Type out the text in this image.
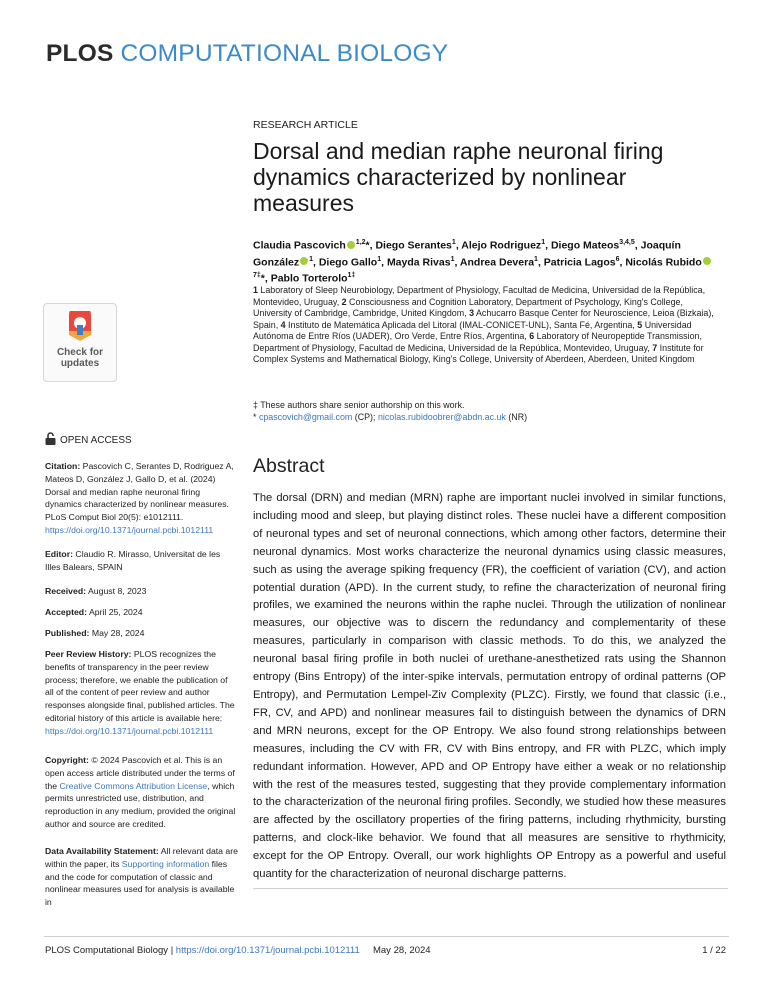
PLOS COMPUTATIONAL BIOLOGY
RESEARCH ARTICLE
Dorsal and median raphe neuronal firing dynamics characterized by nonlinear measures
Claudia Pascovich $^{1,2}$*, Diego Serantes$^1$, Alejo Rodriguez$^1$, Diego Mateos$^{3,4,5}$, Joaquín González $^1$, Diego Gallo$^1$, Mayda Rivas$^1$, Andrea Devera$^1$, Patricia Lagos$^6$, Nicolás Rubido$^{7\ddagger}$*, Pablo Torterolo$^{1\ddagger}$
1 Laboratory of Sleep Neurobiology, Department of Physiology, Facultad de Medicina, Universidad de la República, Montevideo, Uruguay, 2 Consciousness and Cognition Laboratory, Department of Psychology, King's College, University of Cambridge, Cambridge, United Kingdom, 3 Achucarro Basque Center for Neuroscience, Leioa (Bizkaia), Spain, 4 Instituto de Matemática Aplicada del Litoral (IMAL-CONICET-UNL), Santa Fé, Argentina, 5 Universidad Autónoma de Entre Ríos (UADER), Oro Verde, Entre Ríos, Argentina, 6 Laboratory of Neuropeptide Transmission, Department of Physiology, Facultad de Medicina, Universidad de la República, Montevideo, Uruguay, 7 Institute for Complex Systems and Mathematical Biology, King's College, University of Aberdeen, Aberdeen, United Kingdom
‡ These authors share senior authorship on this work.
* cpascovich@gmail.com (CP); nicolas.rubidoobrer@abdn.ac.uk (NR)
Abstract

The dorsal (DRN) and median (MRN) raphe are important nuclei involved in similar functions, including mood and sleep, but playing distinct roles. These nuclei have a different composition of neuronal types and set of neuronal connections, which among other factors, determine their neuronal dynamics. Most works characterize the neuronal dynamics using classic measures, such as using the average spiking frequency (FR), the coefficient of variation (CV), and action potential duration (APD). In the current study, to refine the characterization of neuronal firing profiles, we examined the neurons within the raphe nuclei. Through the utilization of nonlinear measures, our objective was to discern the redundancy and complementarity of these measures, particularly in comparison with classic methods. To do this, we analyzed the neuronal basal firing profile in both nuclei of urethane-anesthetized rats using the Shannon entropy (Bins Entropy) of the inter-spike intervals, permutation entropy of ordinal patterns (OP Entropy), and Permutation Lempel-Ziv Complexity (PLZC). Firstly, we found that classic (i.e., FR, CV, and APD) and nonlinear measures fail to distinguish between the dynamics of DRN and MRN neurons, except for the OP Entropy. We also found strong relationships between measures, including the CV with FR, CV with Bins entropy, and FR with PLZC, which imply redundant information. However, APD and OP Entropy have either a weak or no relationship with the rest of the measures tested, suggesting that they provide complementary information to the characterization of the neuronal firing profiles. Secondly, we studied how these measures are affected by the oscillatory properties of the firing patterns, including rhythmicity, bursting patterns, and clock-like behavior. We found that all measures are sensitive to rhythmicity, except for the OP Entropy. Overall, our work highlights OP Entropy as a powerful and useful quantity for the characterization of neuronal discharge patterns.

Check for
updates
OPEN ACCESS
Citation: Pascovich C, Serantes D, Rodriguez A, Mateos D, González J, Gallo D, et al. (2024) Dorsal and median raphe neuronal firing dynamics characterized by nonlinear measures. PLoS Comput Biol 20(5): e1012111. https://doi.org/10.1371/journal.pcbi.1012111
Editor: Claudio R. Mirasso, Universitat de les Illes Balears, SPAIN
Received: August 8, 2023
Accepted: April 25, 2024
Published: May 28, 2024
Peer Review History: PLOS recognizes the benefits of transparency in the peer review process; therefore, we enable the publication of all of the content of peer review and author responses alongside final, published articles. The editorial history of this article is available here: https://doi.org/10.1371/journal.pcbi.1012111
Copyright: © 2024 Pascovich et al. This is an open access article distributed under the terms of the Creative Commons Attribution License, which permits unrestricted use, distribution, and reproduction in any medium, provided the original author and source are credited.
Data Availability Statement: All relevant data are within the paper, its Supporting information files and the code for computation of classic and nonlinear measures used for analysis is available in
PLOS Computational Biology | https://doi.org/10.1371/journal.pcbi.1012111 May 28, 2024	1 / 22
